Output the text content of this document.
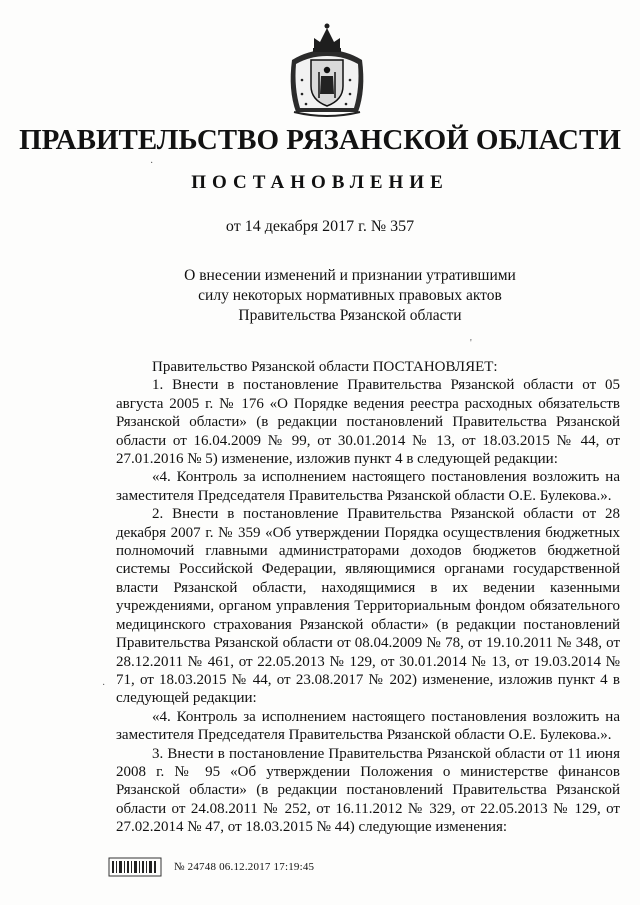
ПРАВИТЕЛЬСТВО РЯЗАНСКОЙ ОБЛАСТИ
ПОСТАНОВЛЕНИЕ
от 14 декабря 2017 г. № 357
О внесении изменений и признании утратившими
силу некоторых нормативных правовых актов
Правительства Рязанской области

Правительство Рязанской области ПОСТАНОВЛЯЕТ:

1. Внести в постановление Правительства Рязанской области от 05 августа 2005 г. № 176 «О Порядке ведения реестра расходных обязательств Рязанской области» (в редакции постановлений Правительства Рязанской области от 16.04.2009 № 99, от 30.01.2014 № 13, от 18.03.2015 № 44, от 27.01.2016 № 5) изменение, изложив пункт 4 в следующей редакции:

«4. Контроль за исполнением настоящего постановления возложить на заместителя Председателя Правительства Рязанской области О.Е. Булекова.».

2. Внести в постановление Правительства Рязанской области от 28 декабря 2007 г. № 359 «Об утверждении Порядка осуществления бюджетных полномочий главными администраторами доходов бюджетов бюджетной системы Российской Федерации, являющимися органами государственной власти Рязанской области, находящимися в их ведении казенными учреждениями, органом управления Территориальным фондом обязательного медицинского страхования Рязанской области» (в редакции постановлений Правительства Рязанской области от 08.04.2009 № 78, от 19.10.2011 № 348, от 28.12.2011 № 461, от 22.05.2013 № 129, от 30.01.2014 № 13, от 19.03.2014 № 71, от 18.03.2015 № 44, от 23.08.2017 № 202) изменение, изложив пункт 4 в следующей редакции:

«4. Контроль за исполнением настоящего постановления возложить на заместителя Председателя Правительства Рязанской области О.Е. Булекова.».

3. Внести в постановление Правительства Рязанской области от 11 июня 2008 г. № 95 «Об утверждении Положения о министерстве финансов Рязанской области» (в редакции постановлений Правительства Рязанской области от 24.08.2011 № 252, от 16.11.2012 № 329, от 22.05.2013 № 129, от 27.02.2014 № 47, от 18.03.2015 № 44) следующие изменения:

№ 24748 06.12.2017 17:19:45
·
'
·
